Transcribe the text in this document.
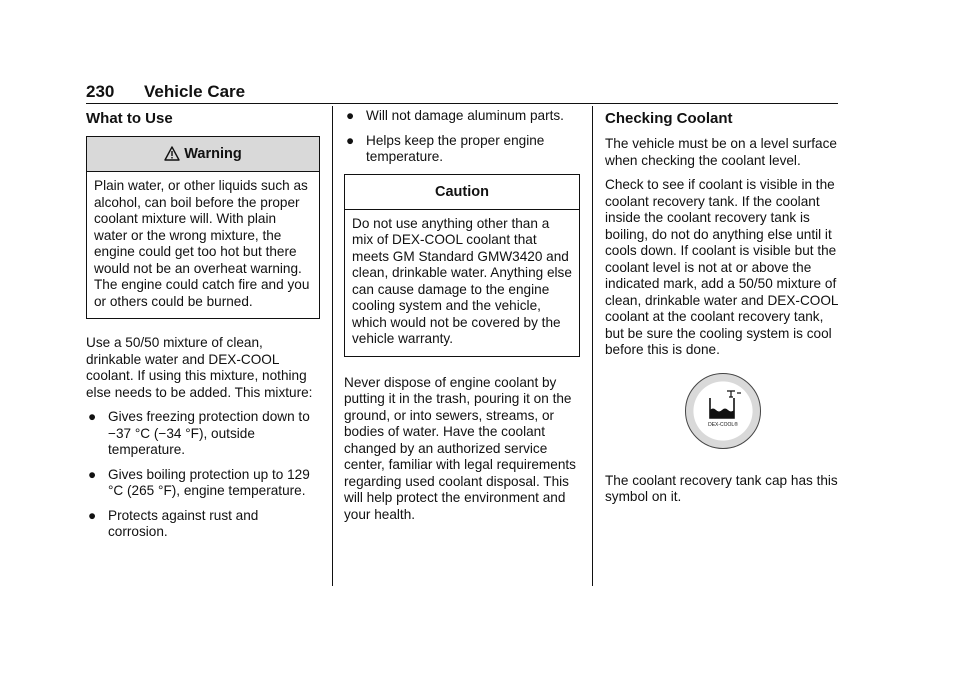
230 Vehicle Care
What to Use
Warning
Plain water, or other liquids such as alcohol, can boil before the proper coolant mixture will. With plain water or the wrong mixture, the engine could get too hot but there would not be an overheat warning. The engine could catch fire and you or others could be burned.

Use a 50/50 mixture of clean, drinkable water and DEX-COOL coolant. If using this mixture, nothing else needs to be added. This mixture:

● Gives freezing protection down to −37 °C (−34 °F), outside temperature.
● Gives boiling protection up to 129 °C (265 °F), engine temperature.
● Protects against rust and corrosion.
● Will not damage aluminum parts.
● Helps keep the proper engine temperature.
Caution
Do not use anything other than a mix of DEX-COOL coolant that meets GM Standard GMW3420 and clean, drinkable water. Anything else can cause damage to the engine cooling system and the vehicle, which would not be covered by the vehicle warranty.

Never dispose of engine coolant by putting it in the trash, pouring it on the ground, or into sewers, streams, or bodies of water. Have the coolant changed by an authorized service center, familiar with legal requirements regarding used coolant disposal. This will help protect the environment and your health.

Checking Coolant

The vehicle must be on a level surface when checking the coolant level.

Check to see if coolant is visible in the coolant recovery tank. If the coolant inside the coolant recovery tank is boiling, do not do anything else until it cools down. If coolant is visible but the coolant level is not at or above the indicated mark, add a 50/50 mixture of clean, drinkable water and DEX-COOL coolant at the coolant recovery tank, but be sure the cooling system is cool before this is done.

DEX-COOL®

The coolant recovery tank cap has this symbol on it.
